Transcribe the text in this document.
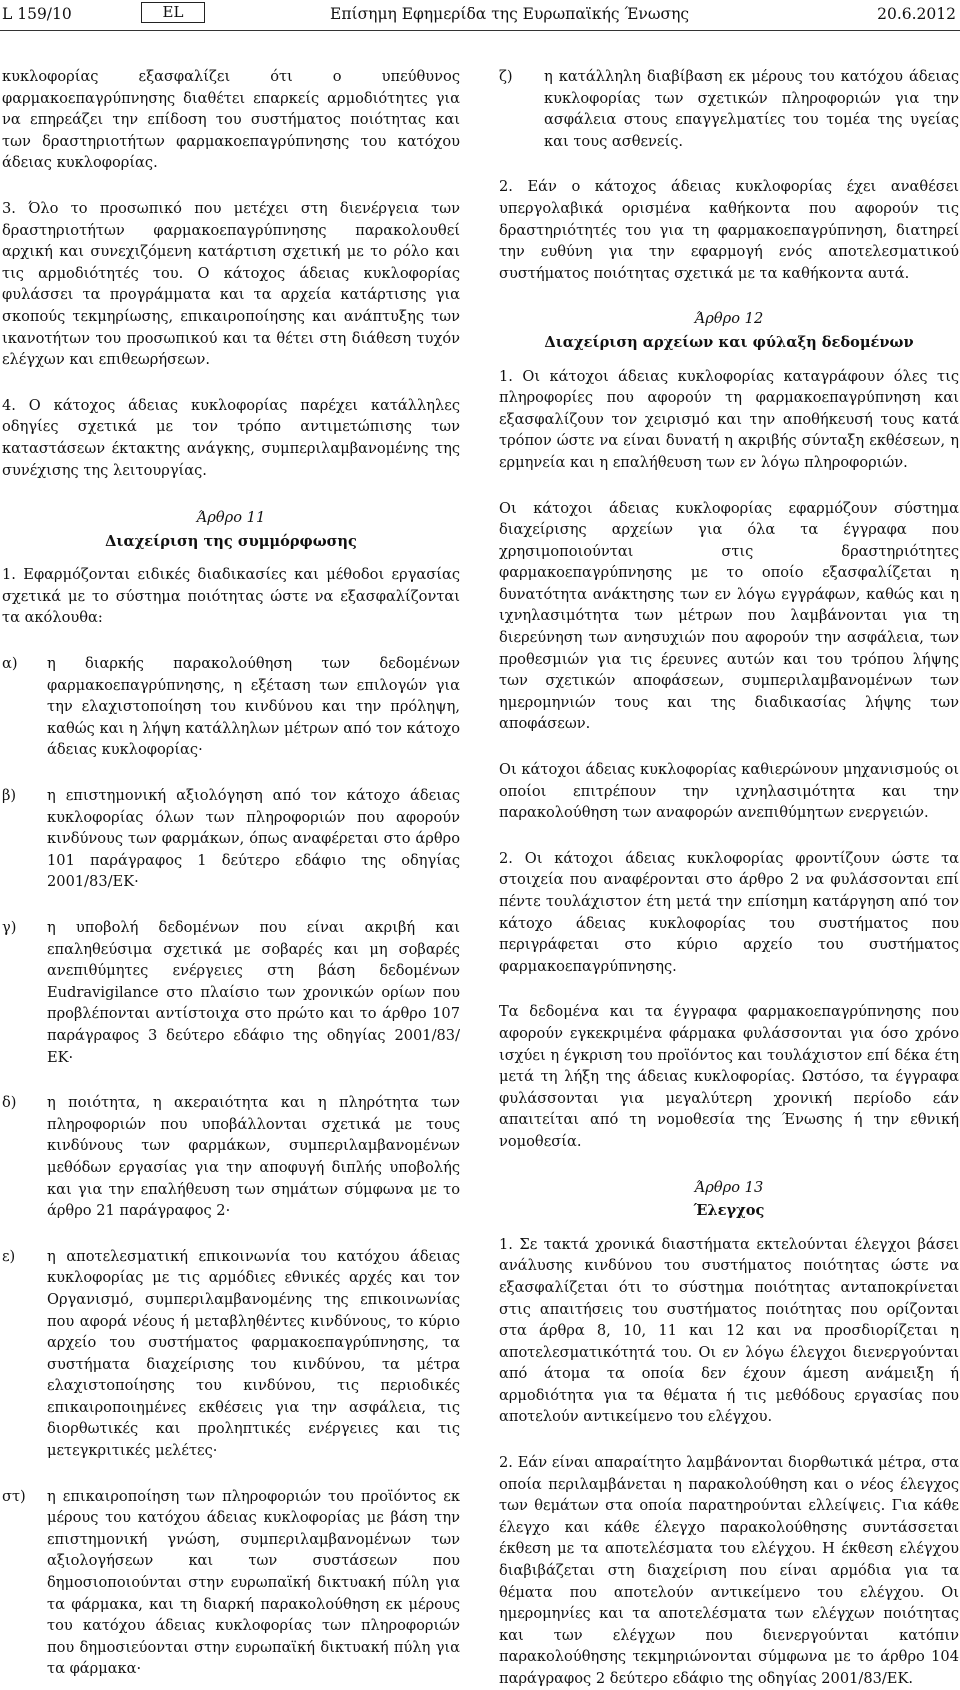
L 159/10	EL	Επίσημη Εφημερίδα της Ευρωπαϊκής Ένωσης	20.6.2012

κυκλοφορίας εξασφαλίζει ότι ο υπεύθυνος φαρμακοεπαγρύπνησης διαθέτει επαρκείς αρμοδιότητες για να επηρεάζει την επίδοση του συστήματος ποιότητας και των δραστηριοτήτων φαρμακοεπαγρύπνησης του κατόχου άδειας κυκλοφορίας.

3. Όλο το προσωπικό που μετέχει στη διενέργεια των δραστηριοτήτων φαρμακοεπαγρύπνησης παρακολουθεί αρχική και συνεχιζόμενη κατάρτιση σχετική με το ρόλο και τις αρμοδιότητές του. Ο κάτοχος άδειας κυκλοφορίας φυλάσσει τα προγράμματα και τα αρχεία κατάρτισης για σκοπούς τεκμηρίωσης, επικαιροποίησης και ανάπτυξης των ικανοτήτων του προσωπικού και τα θέτει στη διάθεση τυχόν ελέγχων και επιθεωρήσεων.

4. Ο κάτοχος άδειας κυκλοφορίας παρέχει κατάλληλες οδηγίες σχετικά με τον τρόπο αντιμετώπισης των καταστάσεων έκτακτης ανάγκης, συμπεριλαμβανομένης της συνέχισης της λειτουργίας.

Άρθρο 11
Διαχείριση της συμμόρφωσης

1. Εφαρμόζονται ειδικές διαδικασίες και μέθοδοι εργασίας σχετικά με το σύστημα ποιότητας ώστε να εξασφαλίζονται τα ακόλουθα:

α) η διαρκής παρακολούθηση των δεδομένων φαρμακοεπαγρύπνησης, η εξέταση των επιλογών για την ελαχιστοποίηση του κινδύνου και την πρόληψη, καθώς και η λήψη κατάλληλων μέτρων από τον κάτοχο άδειας κυκλοφορίας·
β) η επιστημονική αξιολόγηση από τον κάτοχο άδειας κυκλοφορίας όλων των πληροφοριών που αφορούν κινδύνους των φαρμάκων, όπως αναφέρεται στο άρθρο 101 παράγραφος 1 δεύτερο εδάφιο της οδηγίας 2001/83/ΕΚ·
γ) η υποβολή δεδομένων που είναι ακριβή και επαληθεύσιμα σχετικά με σοβαρές και μη σοβαρές ανεπιθύμητες ενέργειες στη βάση δεδομένων Eudravigilance στο πλαίσιο των χρονικών ορίων που προβλέπονται αντίστοιχα στο πρώτο και το άρθρο 107 παράγραφος 3 δεύτερο εδάφιο της οδηγίας 2001/83/ΕΚ·
δ) η ποιότητα, η ακεραιότητα και η πληρότητα των πληροφοριών που υποβάλλονται σχετικά με τους κινδύνους των φαρμάκων, συμπεριλαμβανομένων μεθόδων εργασίας για την αποφυγή διπλής υποβολής και για την επαλήθευση των σημάτων σύμφωνα με το άρθρο 21 παράγραφος 2·
ε) η αποτελεσματική επικοινωνία του κατόχου άδειας κυκλοφορίας με τις αρμόδιες εθνικές αρχές και τον Οργανισμό, συμπεριλαμβανομένης της επικοινωνίας που αφορά νέους ή μεταβληθέντες κινδύνους, το κύριο αρχείο του συστήματος φαρμακοεπαγρύπνησης, τα συστήματα διαχείρισης του κινδύνου, τα μέτρα ελαχιστοποίησης του κινδύνου, τις περιοδικές επικαιροποιημένες εκθέσεις για την ασφάλεια, τις διορθωτικές και προληπτικές ενέργειες και τις μετεγκριτικές μελέτες·
στ) η επικαιροποίηση των πληροφοριών του προϊόντος εκ μέρους του κατόχου άδειας κυκλοφορίας με βάση την επιστημονική γνώση, συμπεριλαμβανομένων των αξιολογήσεων και των συστάσεων που δημοσιοποιούνται στην ευρωπαϊκή δικτυακή πύλη για τα φάρμακα, και τη διαρκή παρακολούθηση εκ μέρους του κατόχου άδειας κυκλοφορίας των πληροφοριών που δημοσιεύονται στην ευρωπαϊκή δικτυακή πύλη για τα φάρμακα·
ζ) η κατάλληλη διαβίβαση εκ μέρους του κατόχου άδειας κυκλοφορίας των σχετικών πληροφοριών για την ασφάλεια στους επαγγελματίες του τομέα της υγείας και τους ασθενείς.

2. Εάν ο κάτοχος άδειας κυκλοφορίας έχει αναθέσει υπεργολαβικά ορισμένα καθήκοντα που αφορούν τις δραστηριότητές του για τη φαρμακοεπαγρύπνηση, διατηρεί την ευθύνη για την εφαρμογή ενός αποτελεσματικού συστήματος ποιότητας σχετικά με τα καθήκοντα αυτά.

Άρθρο 12
Διαχείριση αρχείων και φύλαξη δεδομένων

1. Οι κάτοχοι άδειας κυκλοφορίας καταγράφουν όλες τις πληροφορίες που αφορούν τη φαρμακοεπαγρύπνηση και εξασφαλίζουν τον χειρισμό και την αποθήκευσή τους κατά τρόπον ώστε να είναι δυνατή η ακριβής σύνταξη εκθέσεων, η ερμηνεία και η επαλήθευση των εν λόγω πληροφοριών.

Οι κάτοχοι άδειας κυκλοφορίας εφαρμόζουν σύστημα διαχείρισης αρχείων για όλα τα έγγραφα που χρησιμοποιούνται στις δραστηριότητες φαρμακοεπαγρύπνησης με το οποίο εξασφαλίζεται η δυνατότητα ανάκτησης των εν λόγω εγγράφων, καθώς και η ιχνηλασιμότητα των μέτρων που λαμβάνονται για τη διερεύνηση των ανησυχιών που αφορούν την ασφάλεια, των προθεσμιών για τις έρευνες αυτών και του τρόπου λήψης των σχετικών αποφάσεων, συμπεριλαμβανομένων των ημερομηνιών τους και της διαδικασίας λήψης των αποφάσεων.

Οι κάτοχοι άδειας κυκλοφορίας καθιερώνουν μηχανισμούς οι οποίοι επιτρέπουν την ιχνηλασιμότητα και την παρακολούθηση των αναφορών ανεπιθύμητων ενεργειών.

2. Οι κάτοχοι άδειας κυκλοφορίας φροντίζουν ώστε τα στοιχεία που αναφέρονται στο άρθρο 2 να φυλάσσονται επί πέντε τουλάχιστον έτη μετά την επίσημη κατάργηση από τον κάτοχο άδειας κυκλοφορίας του συστήματος που περιγράφεται στο κύριο αρχείο του συστήματος φαρμακοεπαγρύπνησης.

Τα δεδομένα και τα έγγραφα φαρμακοεπαγρύπνησης που αφορούν εγκεκριμένα φάρμακα φυλάσσονται για όσο χρόνο ισχύει η έγκριση του προϊόντος και τουλάχιστον επί δέκα έτη μετά τη λήξη της άδειας κυκλοφορίας. Ωστόσο, τα έγγραφα φυλάσσονται για μεγαλύτερη χρονική περίοδο εάν απαιτείται από τη νομοθεσία της Ένωσης ή την εθνική νομοθεσία.

Άρθρο 13
Έλεγχος

1. Σε τακτά χρονικά διαστήματα εκτελούνται έλεγχοι βάσει ανάλυσης κινδύνου του συστήματος ποιότητας ώστε να εξασφαλίζεται ότι το σύστημα ποιότητας ανταποκρίνεται στις απαιτήσεις του συστήματος ποιότητας που ορίζονται στα άρθρα 8, 10, 11 και 12 και να προσδιορίζεται η αποτελεσματικότητά του. Οι εν λόγω έλεγχοι διενεργούνται από άτομα τα οποία δεν έχουν άμεση ανάμειξη ή αρμοδιότητα για τα θέματα ή τις μεθόδους εργασίας που αποτελούν αντικείμενο του ελέγχου.

2. Εάν είναι απαραίτητο λαμβάνονται διορθωτικά μέτρα, στα οποία περιλαμβάνεται η παρακολούθηση και ο νέος έλεγχος των θεμάτων στα οποία παρατηρούνται ελλείψεις. Για κάθε έλεγχο και κάθε έλεγχο παρακολούθησης συντάσσεται έκθεση με τα αποτελέσματα του ελέγχου. Η έκθεση ελέγχου διαβιβάζεται στη διαχείριση που είναι αρμόδια για τα θέματα που αποτελούν αντικείμενο του ελέγχου. Οι ημερομηνίες και τα αποτελέσματα των ελέγχων ποιότητας και των ελέγχων που διενεργούνται κατόπιν παρακολούθησης τεκμηριώνονται σύμφωνα με το άρθρο 104 παράγραφος 2 δεύτερο εδάφιο της οδηγίας 2001/83/ΕΚ.
